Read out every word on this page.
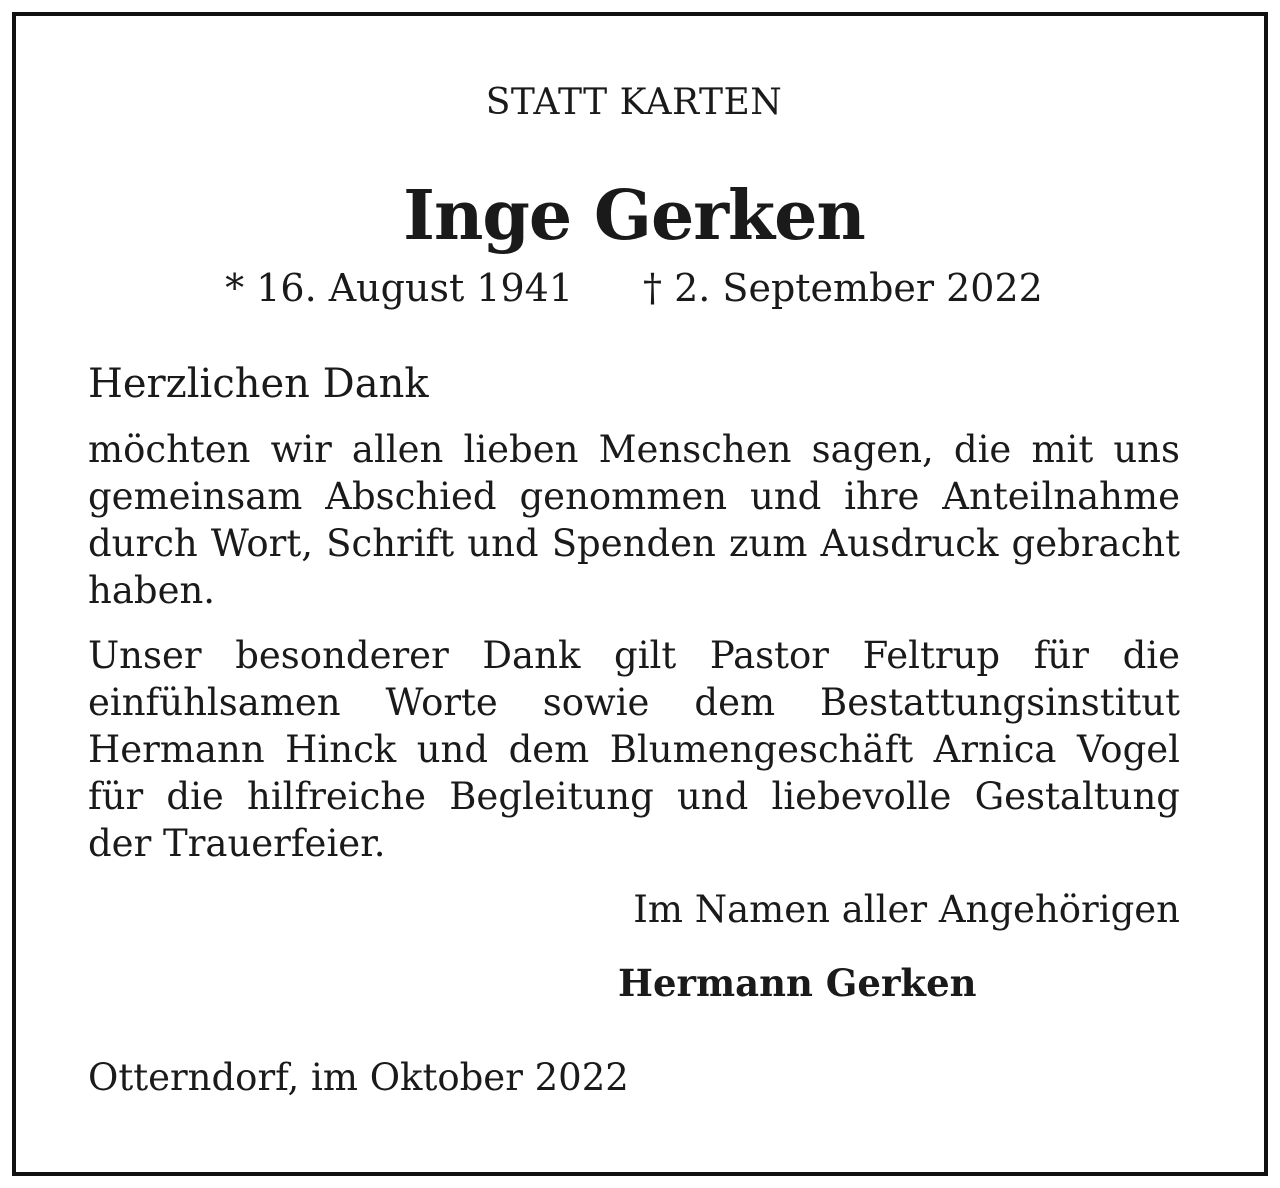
STATT KARTEN
Inge Gerken
* 16. August 1941 † 2. September 2022
Herzlichen Dank
möchten wir allen lieben Menschen sagen, die mit uns gemeinsam Abschied genommen und ihre Anteilnahme durch Wort, Schrift und Spenden zum Ausdruck gebracht haben.
Unser besonderer Dank gilt Pastor Feltrup für die einfühlsamen Worte sowie dem Bestattungsinstitut Hermann Hinck und dem Blumengeschäft Arnica Vogel für die hilfreiche Begleitung und liebevolle Gestaltung der Trauerfeier.
Im Namen aller Angehörigen
Hermann Gerken
Otterndorf, im Oktober 2022
